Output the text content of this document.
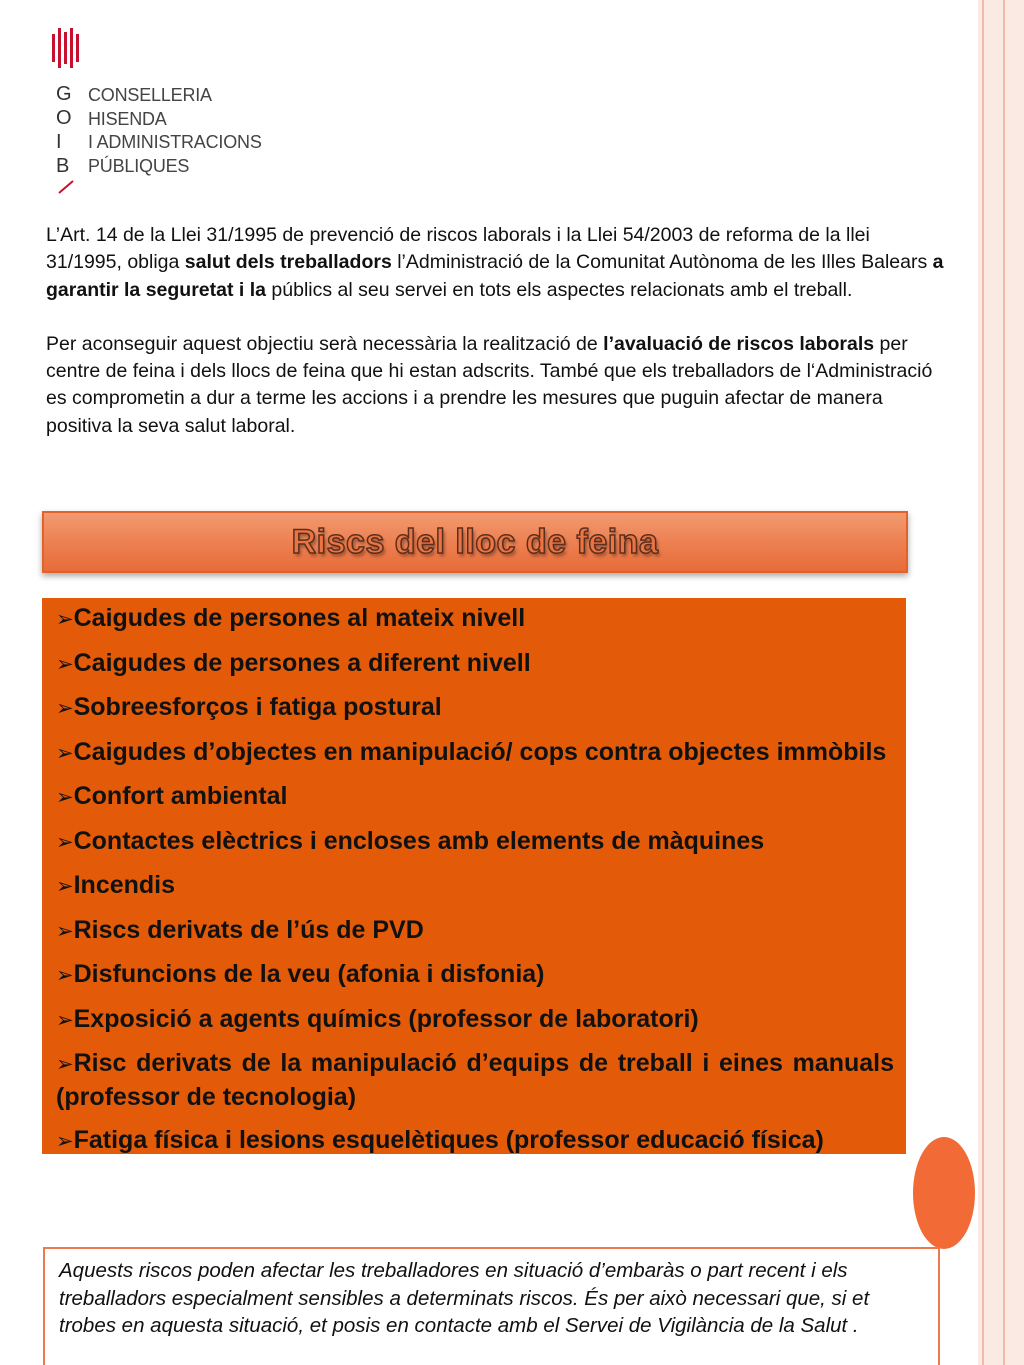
G
O
I
B
CONSELLERIA
HISENDA
I ADMINISTRACIONS
PÚBLIQUES

L’Art. 14 de la Llei 31/1995 de prevenció de riscos laborals i la Llei 54/2003 de reforma de la llei 31/1995, obliga salut dels treballadors l’Administració de la Comunitat Autònoma de les Illes Balears a garantir la seguretat i la públics al seu servei en tots els aspectes relacionats amb el treball.

Per aconseguir aquest objectiu serà necessària la realització de l’avaluació de riscos laborals per centre de feina i dels llocs de feina que hi estan adscrits. També que els treballadors de l‘Administració es comprometin a dur a terme les accions i a prendre les mesures que puguin afectar de manera positiva la seva salut laboral.

Riscs del lloc de feina
➢Caigudes de persones al mateix nivell
➢Caigudes de persones a diferent nivell
➢Sobreesforços i fatiga postural
➢Caigudes d’objectes en manipulació/ cops contra objectes immòbils
➢Confort ambiental
➢Contactes elèctrics i encloses amb elements de màquines
➢Incendis
➢Riscs derivats de l’ús de PVD
➢Disfuncions de la veu (afonia i disfonia)
➢Exposició a agents químics (professor de laboratori)
➢Risc derivats de la manipulació d’equips de treball i eines manuals (professor de tecnologia)
➢Fatiga física i lesions esquelètiques (professor educació física)
Aquests riscos poden afectar les treballadores en situació d’embaràs o part recent i els treballadors especialment sensibles a determinats riscos. És per això necessari que, si et trobes en aquesta situació, et posis en contacte amb el Servei de Vigilància de la Salut .
